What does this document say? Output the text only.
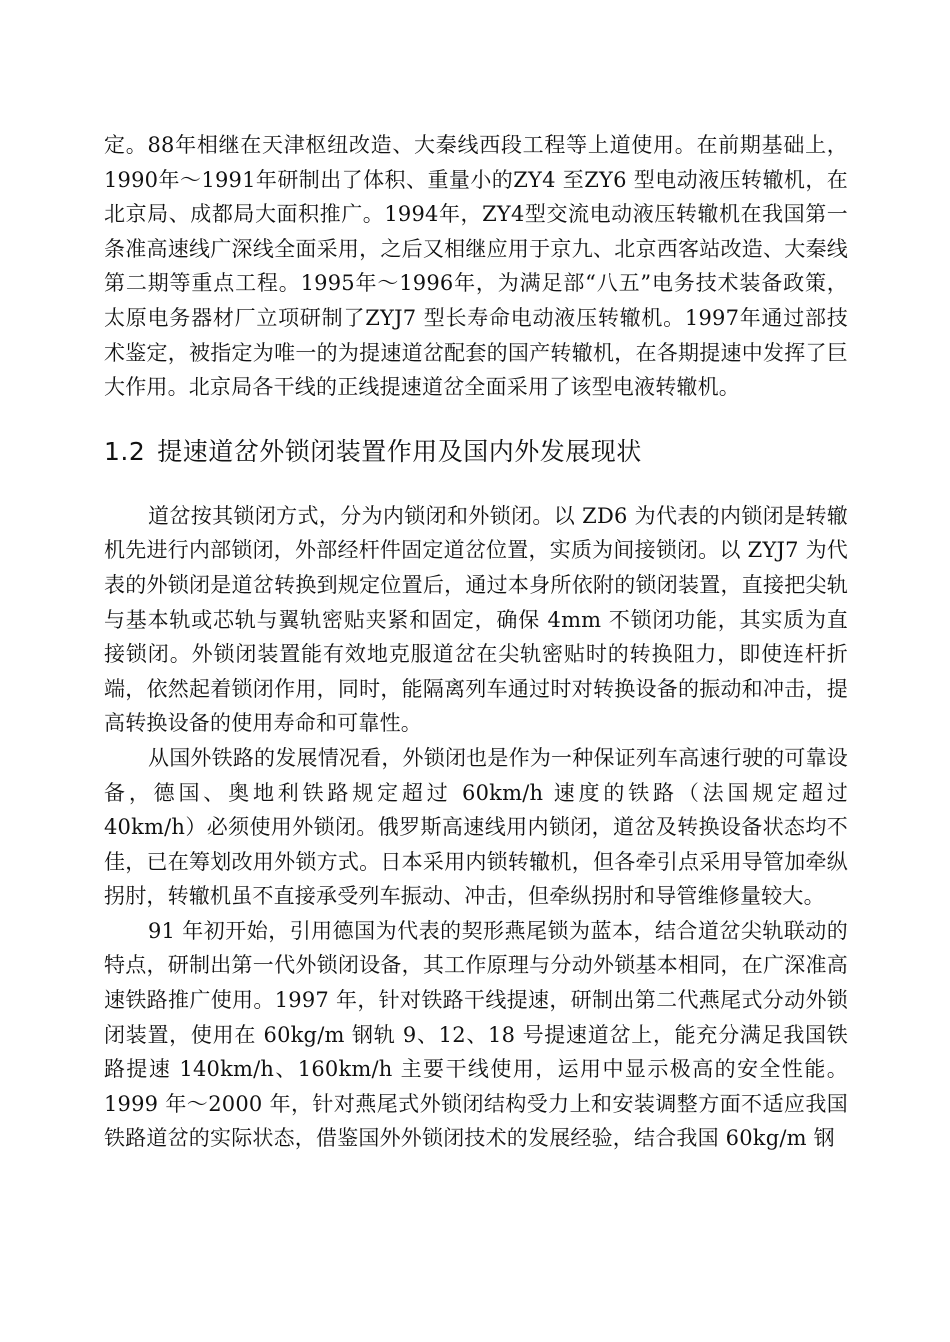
定。88年相继在天津枢纽改造、大秦线西段工程等上道使用。在前期基础上，1990年～1991年研制出了体积、重量小的ZY4 至ZY6 型电动液压转辙机，在北京局、成都局大面积推广。1994年，ZY4型交流电动液压转辙机在我国第一条准高速线广深线全面采用，之后又相继应用于京九、北京西客站改造、大秦线第二期等重点工程。1995年～1996年，为满足部“八五”电务技术装备政策，太原电务器材厂立项研制了ZYJ7 型长寿命电动液压转辙机。1997年通过部技术鉴定，被指定为唯一的为提速道岔配套的国产转辙机，在各期提速中发挥了巨大作用。北京局各干线的正线提速道岔全面采用了该型电液转辙机。

1.2 提速道岔外锁闭装置作用及国内外发展现状

道岔按其锁闭方式，分为内锁闭和外锁闭。以 ZD6 为代表的内锁闭是转辙机先进行内部锁闭，外部经杆件固定道岔位置，实质为间接锁闭。以 ZYJ7 为代表的外锁闭是道岔转换到规定位置后，通过本身所依附的锁闭装置，直接把尖轨与基本轨或芯轨与翼轨密贴夹紧和固定，确保 4mm 不锁闭功能，其实质为直接锁闭。外锁闭装置能有效地克服道岔在尖轨密贴时的转换阻力，即使连杆折端，依然起着锁闭作用，同时，能隔离列车通过时对转换设备的振动和冲击，提高转换设备的使用寿命和可靠性。

从国外铁路的发展情况看，外锁闭也是作为一种保证列车高速行驶的可靠设备，德国、奥地利铁路规定超过 60km/h 速度的铁路（法国规定超过 40km/h）必须使用外锁闭。俄罗斯高速线用内锁闭，道岔及转换设备状态均不佳，已在筹划改用外锁方式。日本采用内锁转辙机，但各牵引点采用导管加牵纵拐肘，转辙机虽不直接承受列车振动、冲击，但牵纵拐肘和导管维修量较大。

91 年初开始，引用德国为代表的契形燕尾锁为蓝本，结合道岔尖轨联动的特点，研制出第一代外锁闭设备，其工作原理与分动外锁基本相同，在广深准高速铁路推广使用。1997 年，针对铁路干线提速，研制出第二代燕尾式分动外锁闭装置，使用在 60kg/m 钢轨 9、12、18 号提速道岔上，能充分满足我国铁路提速 140km/h、160km/h 主要干线使用，运用中显示极高的安全性能。1999 年～2000 年，针对燕尾式外锁闭结构受力上和安装调整方面不适应我国铁路道岔的实际状态，借鉴国外外锁闭技术的发展经验，结合我国 60kg/m 钢
